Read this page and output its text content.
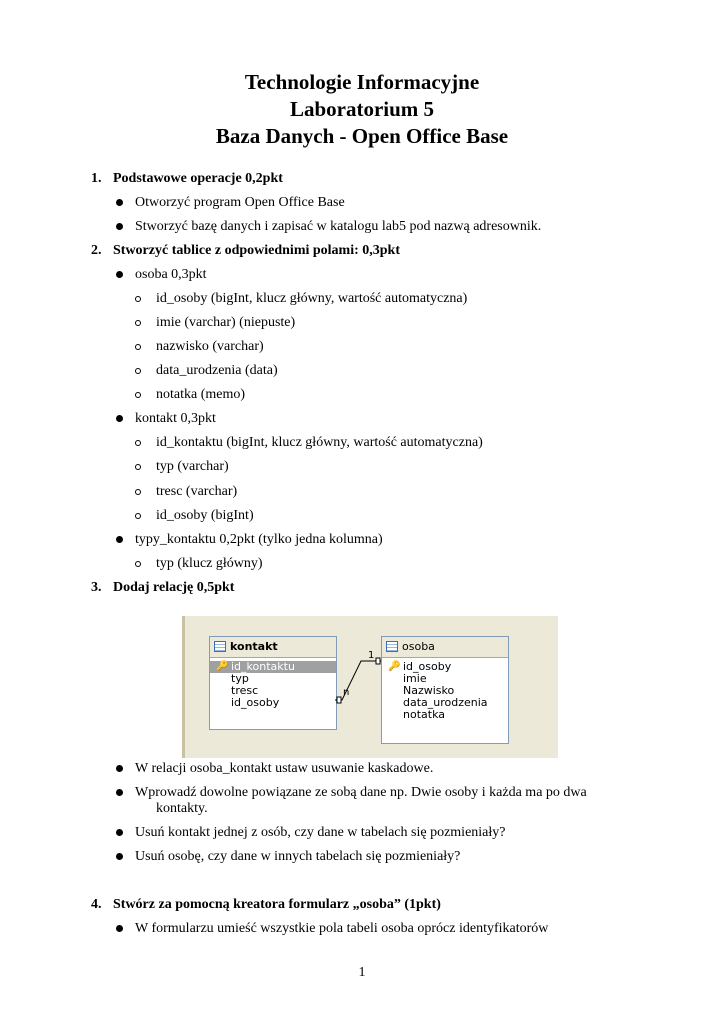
Technologie Informacyjne
Laboratorium 5
Baza Danych - Open Office Base
1. Podstawowe operacje 0,2pkt
Otworzyć program Open Office Base
Stworzyć bazę danych i zapisać w katalogu lab5 pod nazwą adresownik.
2. Stworzyć tablice z odpowiednimi polami: 0,3pkt
osoba 0,3pkt
id_osoby (bigInt, klucz główny, wartość automatyczna)
imie (varchar) (niepuste)
nazwisko (varchar)
data_urodzenia (data)
notatka (memo)
kontakt 0,3pkt
id_kontaktu (bigInt, klucz główny, wartość automatyczna)
typ (varchar)
tresc (varchar)
id_osoby (bigInt)
typy_kontaktu 0,2pkt (tylko jedna kolumna)
typ (klucz główny)
3. Dodaj relację 0,5pkt
kontakt
🔑 id_kontaktu
typ
tresc
id_osoby
osoba
🔑 id_osoby
imie
Nazwisko
data_urodzenia
notatka
1
n
W relacji osoba_kontakt ustaw usuwanie kaskadowe.
Wprowadź dowolne powiązane ze sobą dane np. Dwie osoby i każda ma po dwa
kontakty.
Usuń kontakt jednej z osób, czy dane w tabelach się pozmieniały?
Usuń osobę, czy dane w innych tabelach się pozmieniały?
4. Stwórz za pomocną kreatora formularz „osoba” (1pkt)
W formularzu umieść wszystkie pola tabeli osoba oprócz identyfikatorów
1
